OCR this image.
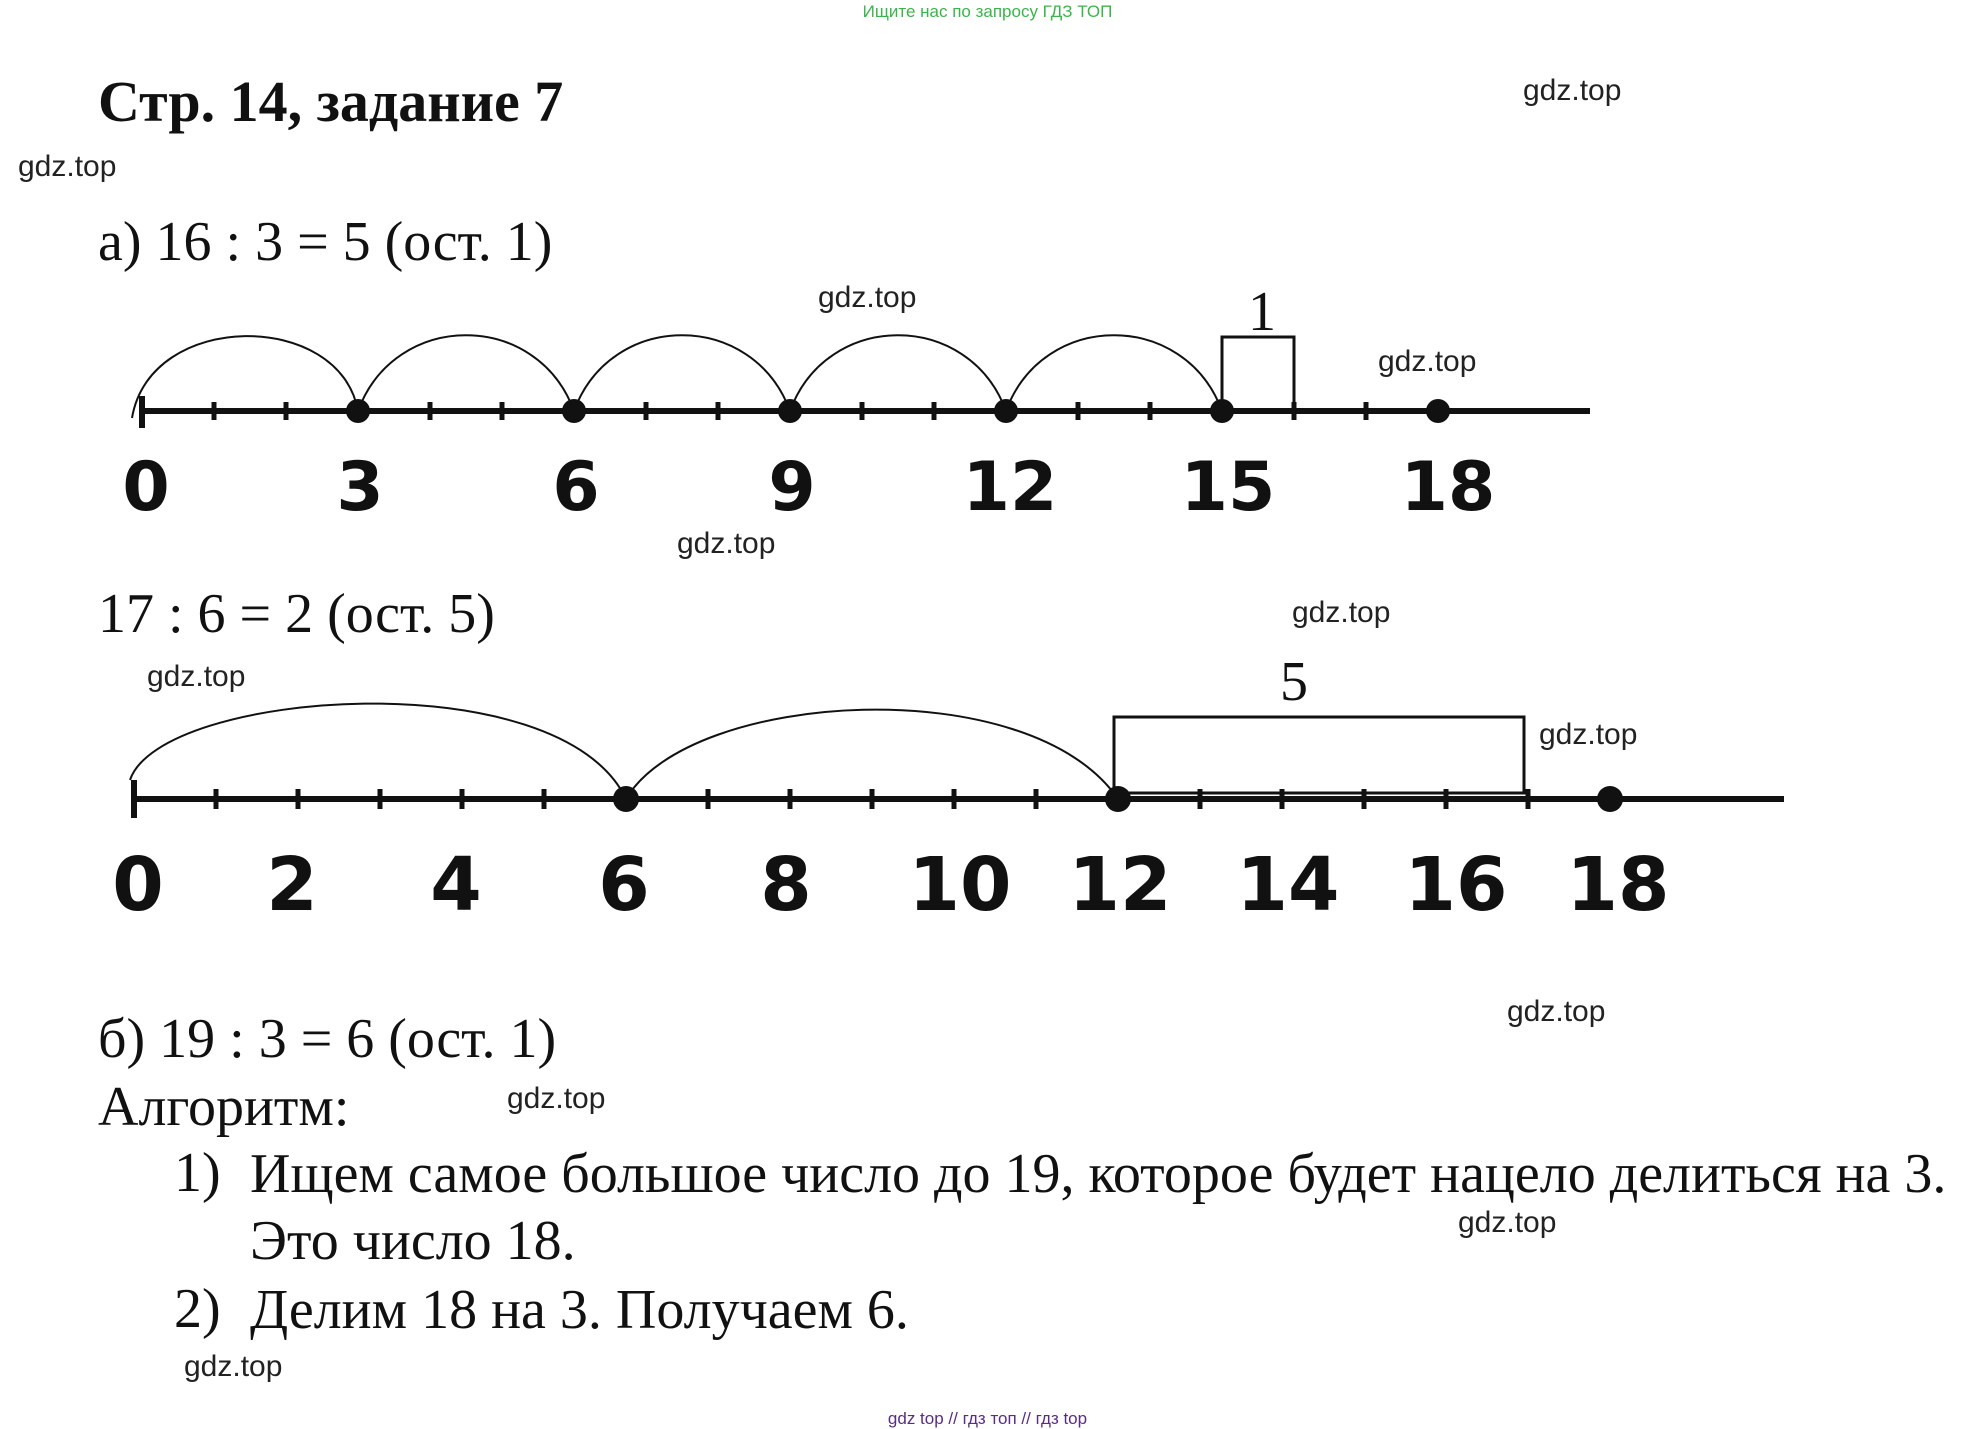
Ищите нас по запросу ГДЗ ТОП
Стр. 14, задание 7
а) 16 : 3 = 5 (ост. 1)
1
0 3 6 9 12 15 18
5
0 2 4 6 8 10 12 14 16 18
17 : 6 = 2 (ост. 5)
б) 19 : 3 = 6 (ост. 1)
Алгоритм:
1) Ищем самое большое число до 19, которое будет нацело делиться на 3. Это число 18.
2) Делим 18 на 3. Получаем 6.
gdz.top
gdz.top
gdz.top
gdz.top
gdz.top
gdz.top
gdz.top
gdz.top
gdz.top
gdz.top
gdz.top
gdz.top
gdz top // гдз топ // гдз top
